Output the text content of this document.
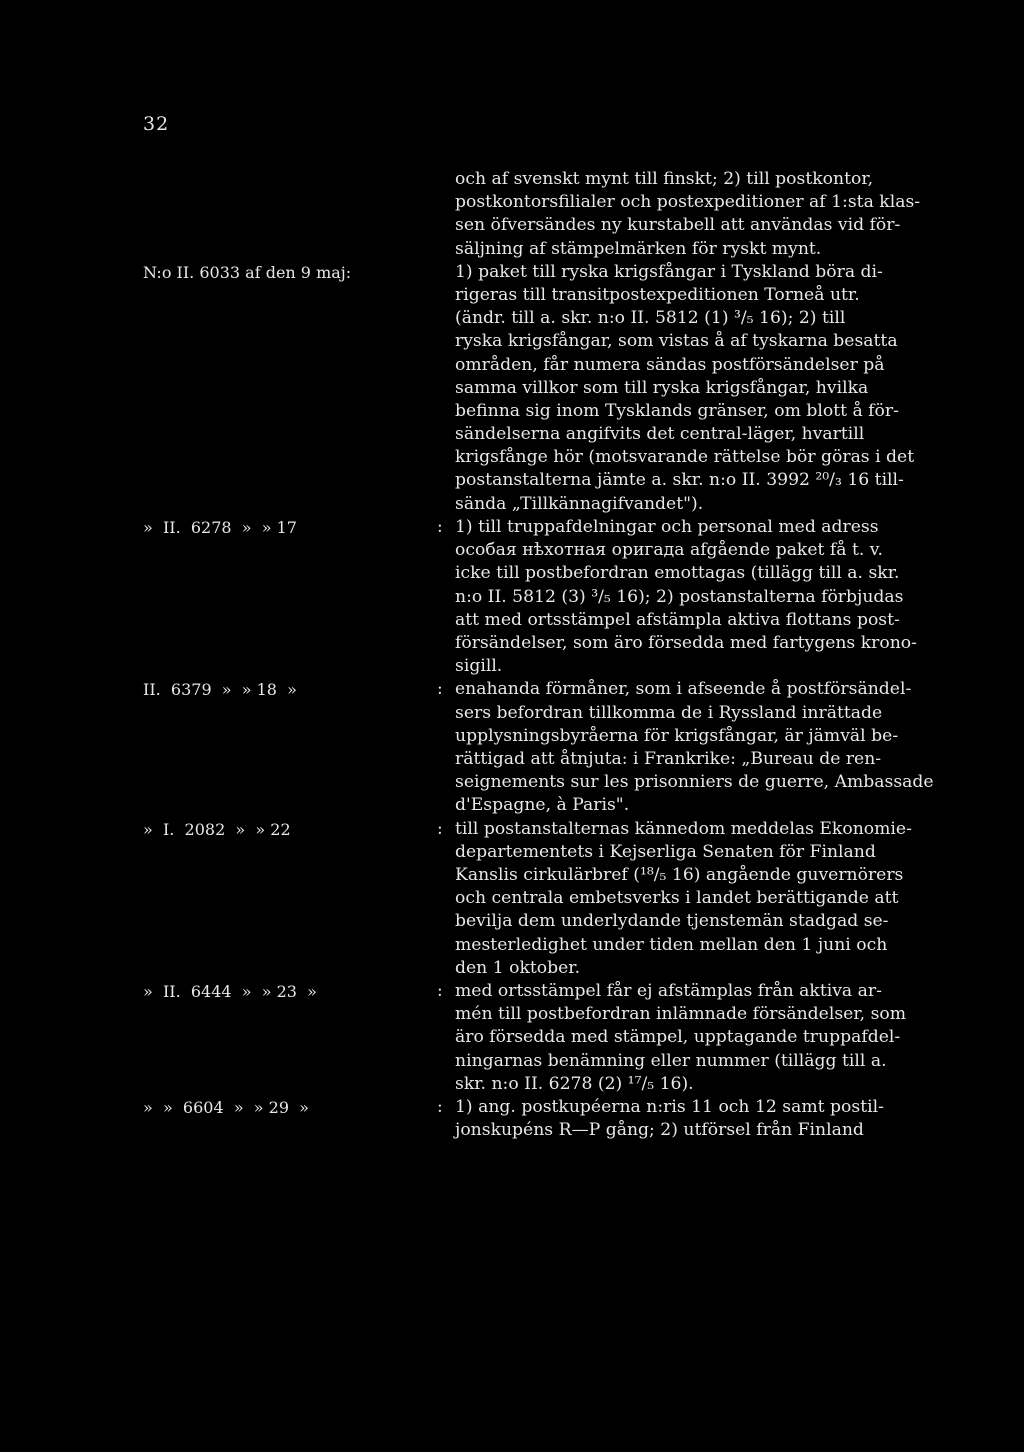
32
och af svenskt mynt till finskt; 2) till postkontor,
postkontorsfilialer och postexpeditioner af 1:sta klas-
sen öfversändes ny kurstabell att användas vid för-
säljning af stämpelmärken för ryskt mynt.
N:o II. 6033 af den 9 maj:	1) paket till ryska krigsfångar i Tyskland böra di-
rigeras till transitpostexpeditionen Torneå utr.
(ändr. till a. skr. n:o II. 5812 (1) ³/₅ 16); 2) till
ryska krigsfångar, som vistas å af tyskarna besatta
områden, får numera sändas postförsändelser på
samma villkor som till ryska krigsfångar, hvilka
befinna sig inom Tysklands gränser, om blott å för-
sändelserna angifvits det central-läger, hvartill
krigsfånge hör (motsvarande rättelse bör göras i det
postanstalterna jämte a. skr. n:o II. 3992 ²⁰/₃ 16 till-
sända „Tillkännagifvandet").
»  II.  6278  »  » 17	: 1) till truppafdelningar och personal med adress
особая нѣхотная оригада afgående paket få t. v.
icke till postbefordran emottagas (tillägg till a. skr.
n:o II. 5812 (3) ³/₅ 16); 2) postanstalterna förbjudas
att med ortsstämpel afstämpla aktiva flottans post-
försändelser, som äro försedda med fartygens krono-
sigill.
II.  6379  »  » 18  »	: enahanda förmåner, som i afseende å postförsändel-
sers befordran tillkomma de i Ryssland inrättade
upplysningsbyråerna för krigsfångar, är jämväl be-
rättigad att åtnjuta: i Frankrike: „Bureau de ren-
seignements sur les prisonniers de guerre, Ambassade
d'Espagne, à Paris".
»  I.  2082  »  » 22	: till postanstalternas kännedom meddelas Ekonomie-
departementets i Kejserliga Senaten för Finland
Kanslis cirkulärbref (¹⁸/₅ 16) angående guvernörers
och centrala embetsverks i landet berättigande att
bevilja dem underlydande tjenstemän stadgad se-
mesterledighet under tiden mellan den 1 juni och
den 1 oktober.
»  II.  6444  »  » 23  »	: med ortsstämpel får ej afstämplas från aktiva ar-
mén till postbefordran inlämnade försändelser, som
äro försedda med stämpel, upptagande truppafdel-
ningarnas benämning eller nummer (tillägg till a.
skr. n:o II. 6278 (2) ¹⁷/₅ 16).
»  »  6604  »  » 29  »	: 1) ang. postkupéerna n:ris 11 och 12 samt postil-
jonskupéns R—P gång; 2) utförsel från Finland
